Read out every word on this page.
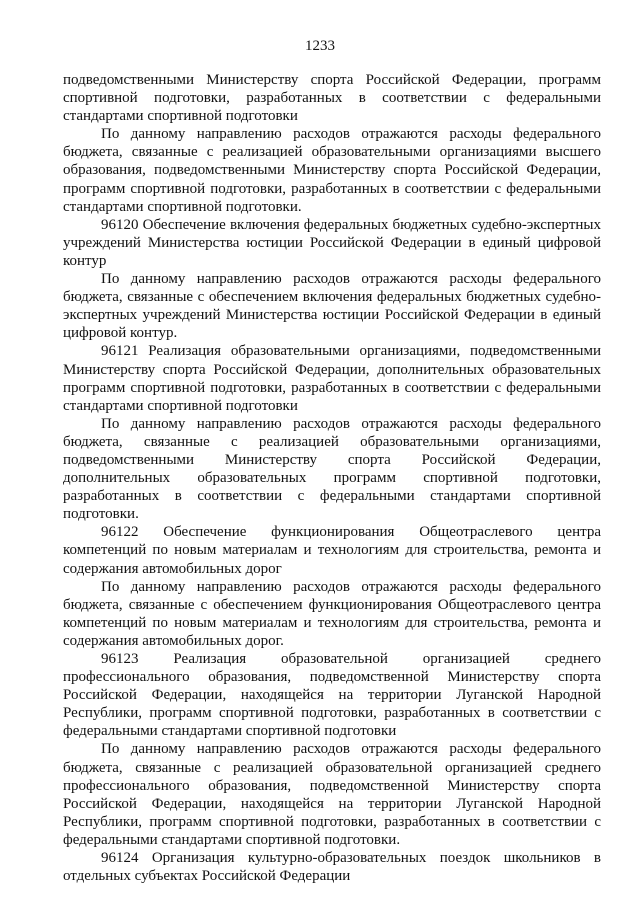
1233

подведомственными Министерству спорта Российской Федерации, программ спортивной подготовки, разработанных в соответствии с федеральными стандартами спортивной подготовки

По данному направлению расходов отражаются расходы федерального бюджета, связанные с реализацией образовательными организациями высшего образования, подведомственными Министерству спорта Российской Федерации, программ спортивной подготовки, разработанных в соответствии с федеральными стандартами спортивной подготовки.

96120 Обеспечение включения федеральных бюджетных судебно-экспертных учреждений Министерства юстиции Российской Федерации в единый цифровой контур

По данному направлению расходов отражаются расходы федерального бюджета, связанные с обеспечением включения федеральных бюджетных судебно-экспертных учреждений Министерства юстиции Российской Федерации в единый цифровой контур.

96121 Реализация образовательными организациями, подведомственными Министерству спорта Российской Федерации, дополнительных образовательных программ спортивной подготовки, разработанных в соответствии с федеральными стандартами спортивной подготовки

По данному направлению расходов отражаются расходы федерального бюджета, связанные с реализацией образовательными организациями, подведомственными Министерству спорта Российской Федерации, дополнительных образовательных программ спортивной подготовки, разработанных в соответствии с федеральными стандартами спортивной подготовки.

96122 Обеспечение функционирования Общеотраслевого центра компетенций по новым материалам и технологиям для строительства, ремонта и содержания автомобильных дорог

По данному направлению расходов отражаются расходы федерального бюджета, связанные с обеспечением функционирования Общеотраслевого центра компетенций по новым материалам и технологиям для строительства, ремонта и содержания автомобильных дорог.

96123 Реализация образовательной организацией среднего профессионального образования, подведомственной Министерству спорта Российской Федерации, находящейся на территории Луганской Народной Республики, программ спортивной подготовки, разработанных в соответствии с федеральными стандартами спортивной подготовки

По данному направлению расходов отражаются расходы федерального бюджета, связанные с реализацией образовательной организацией среднего профессионального образования, подведомственной Министерству спорта Российской Федерации, находящейся на территории Луганской Народной Республики, программ спортивной подготовки, разработанных в соответствии с федеральными стандартами спортивной подготовки.

96124 Организация культурно-образовательных поездок школьников в отдельных субъектах Российской Федерации
